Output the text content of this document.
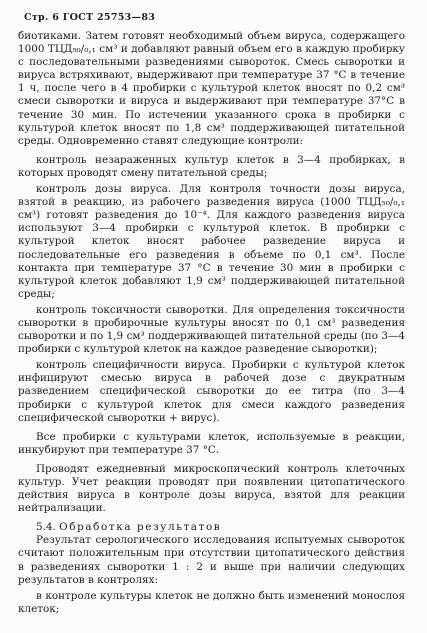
Стр. 6 ГОСТ 25753—83

биотиками. Затем готовят необходимый объем вируса, содержащего 1000 ТЦД₅₀/₀,₁ см³ и добавляют равный объем его в каждую пробирку с последовательными разведениями сывороток. Смесь сыворотки и вируса встряхивают, выдерживают при температуре 37 °С в течение 1 ч, после чего в 4 пробирки с культурой клеток вносят по 0,2 см³ смеси сыворотки и вируса и выдерживают при температуре 37°С в течение 30 мин. По истечении указанного срока в пробирки с культурой клеток вносят по 1,8 см³ поддерживающей питательной среды. Одновременно ставят следующие контроли:

контроль незараженных культур клеток в 3—4 пробирках, в которых проводят смену питательной среды;

контроль дозы вируса. Для контроля точности дозы вируса, взятой в реакцию, из рабочего разведения вируса (1000 ТЦД₅₀/₀,₁ см³) готовят разведения до 10⁻⁴. Для каждого разведения вируса используют 3—4 пробирки с культурой клеток. В пробирки с культурой клеток вносят рабочее разведение вируса и последовательные его разведения в объеме по 0,1 см³. После контакта при температуре 37 °С в течение 30 мин в пробирки с культурой клеток добавляют 1,9 см³ поддерживающей питательной среды;

контроль токсичности сыворотки. Для определения токсичности сыворотки в пробирочные культуры вносят по 0,1 см³ разведения сыворотки и по 1,9 см³ поддерживающей питательной среды (по 3—4 пробирки с культурой клеток на каждое разведение сыворотки);

контроль специфичности вируса. Пробирки с культурой клеток инфицируют смесью вируса в рабочей дозе с двукратным разведением специфической сыворотки до ее титра (по 3—4 пробирки с культурой клеток для смеси каждого разведения специфической сыворотки + вирус).

Все пробирки с культурами клеток, используемые в реакции, инкубируют при температуре 37 °С.

Проводят ежедневный микроскопический контроль клеточных культур. Учет реакции проводят при появлении цитопатического действия вируса в контроле дозы вируса, взятой для реакции нейтрализации.

5.4. Обработка результатов

Результат серологического исследования испытуемых сывороток считают положительным при отсутствии цитопатического действия в разведениях сыворотки 1 : 2 и выше при наличии следующих результатов в контролях:

в контроле культуры клеток не должно быть изменений монослоя клеток;
